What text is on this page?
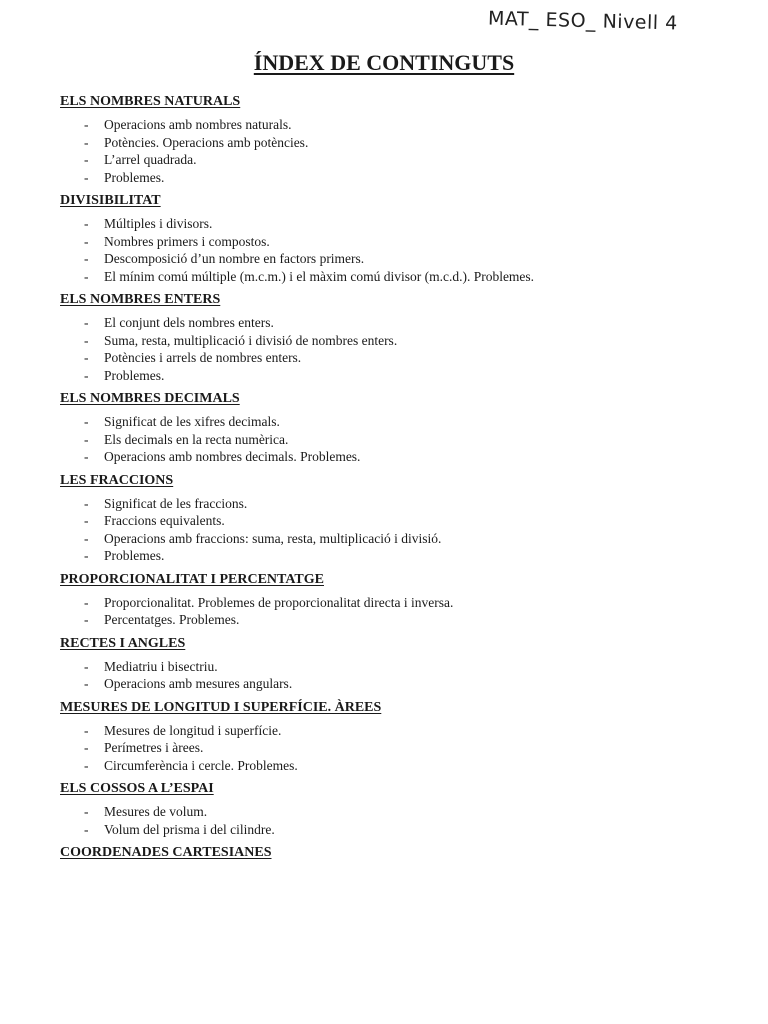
MAT_ ESO_ Nivell 4
ÍNDEX DE CONTINGUTS
ELS NOMBRES NATURALS
- Operacions amb nombres naturals.
- Potències. Operacions amb potències.
- L’arrel quadrada.
- Problemes.
DIVISIBILITAT
- Múltiples i divisors.
- Nombres primers i compostos.
- Descomposició d’un nombre en factors primers.
- El mínim comú múltiple (m.c.m.) i el màxim comú divisor (m.c.d.). Problemes.
ELS NOMBRES ENTERS
- El conjunt dels nombres enters.
- Suma, resta, multiplicació i divisió de nombres enters.
- Potències i arrels de nombres enters.
- Problemes.
ELS NOMBRES DECIMALS
- Significat de les xifres decimals.
- Els decimals en la recta numèrica.
- Operacions amb nombres decimals. Problemes.
LES FRACCIONS
- Significat de les fraccions.
- Fraccions equivalents.
- Operacions amb fraccions: suma, resta, multiplicació i divisió.
- Problemes.
PROPORCIONALITAT I PERCENTATGE
- Proporcionalitat. Problemes de proporcionalitat directa i inversa.
- Percentatges. Problemes.
RECTES I ANGLES
- Mediatriu i bisectriu.
- Operacions amb mesures angulars.
MESURES DE LONGITUD I SUPERFÍCIE. ÀREES
- Mesures de longitud i superfície.
- Perímetres i àrees.
- Circumferència i cercle. Problemes.
ELS COSSOS A L’ESPAI
- Mesures de volum.
- Volum del prisma i del cilindre.
COORDENADES CARTESIANES
